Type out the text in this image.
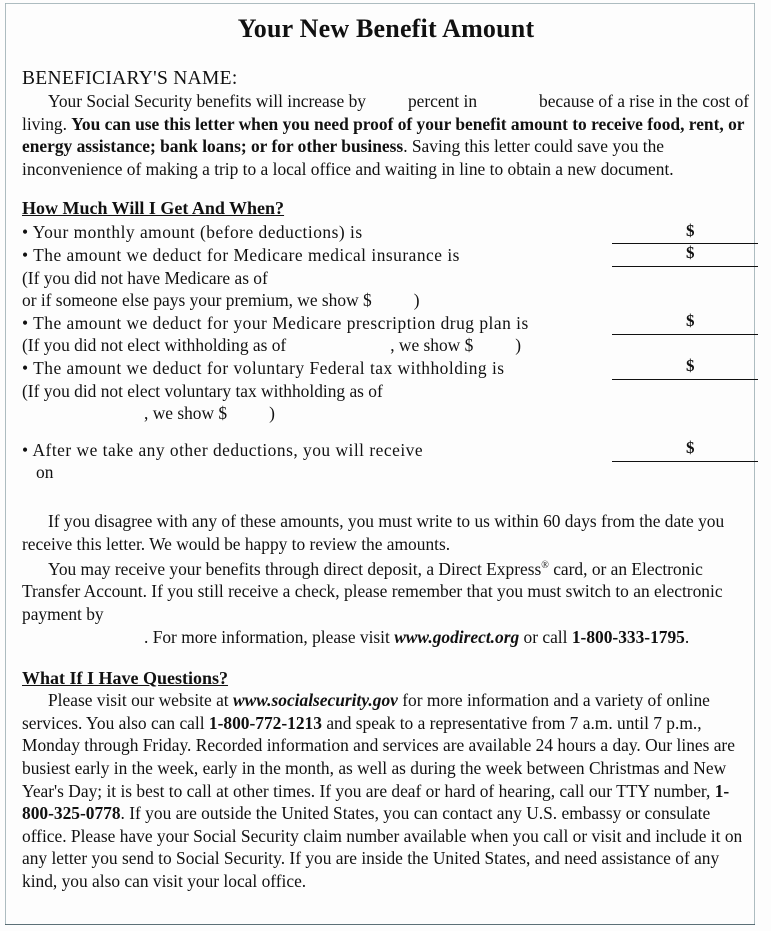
Your New Benefit Amount
BENEFICIARY'S NAME:

Your Social Security benefits will increase by percent in	because of a rise in the cost of living. You can use this letter when you need proof of your benefit amount to receive food, rent, or energy assistance; bank loans; or for other business. Saving this letter could save you the inconvenience of making a trip to a local office and waiting in line to obtain a new document.

How Much Will I Get And When?
• Your monthly amount (before deductions) is	$
• The amount we deduct for Medicare medical insurance is	$
(If you did not have Medicare as of
or if someone else pays your premium, we show $ )
• The amount we deduct for your Medicare prescription drug plan is	$
(If you did not elect withholding as of	, we show $ )
• The amount we deduct for voluntary Federal tax withholding is	$
(If you did not elect voluntary tax withholding as of
, we show $ )
• After we take any other deductions, you will receive	$
on

If you disagree with any of these amounts, you must write to us within 60 days from the date you receive this letter. We would be happy to review the amounts.

You may receive your benefits through direct deposit, a Direct Express® card, or an Electronic Transfer Account. If you still receive a check, please remember that you must switch to an electronic payment by
. For more information, please visit www.godirect.org or call 1-800-333-1795.

What If I Have Questions?

Please visit our website at www.socialsecurity.gov for more information and a variety of online services. You also can call 1-800-772-1213 and speak to a representative from 7 a.m. until 7 p.m., Monday through Friday. Recorded information and services are available 24 hours a day. Our lines are busiest early in the week, early in the month, as well as during the week between Christmas and New Year's Day; it is best to call at other times. If you are deaf or hard of hearing, call our TTY number, 1-800-325-0778. If you are outside the United States, you can contact any U.S. embassy or consulate office. Please have your Social Security claim number available when you call or visit and include it on any letter you send to Social Security. If you are inside the United States, and need assistance of any kind, you also can visit your local office.
